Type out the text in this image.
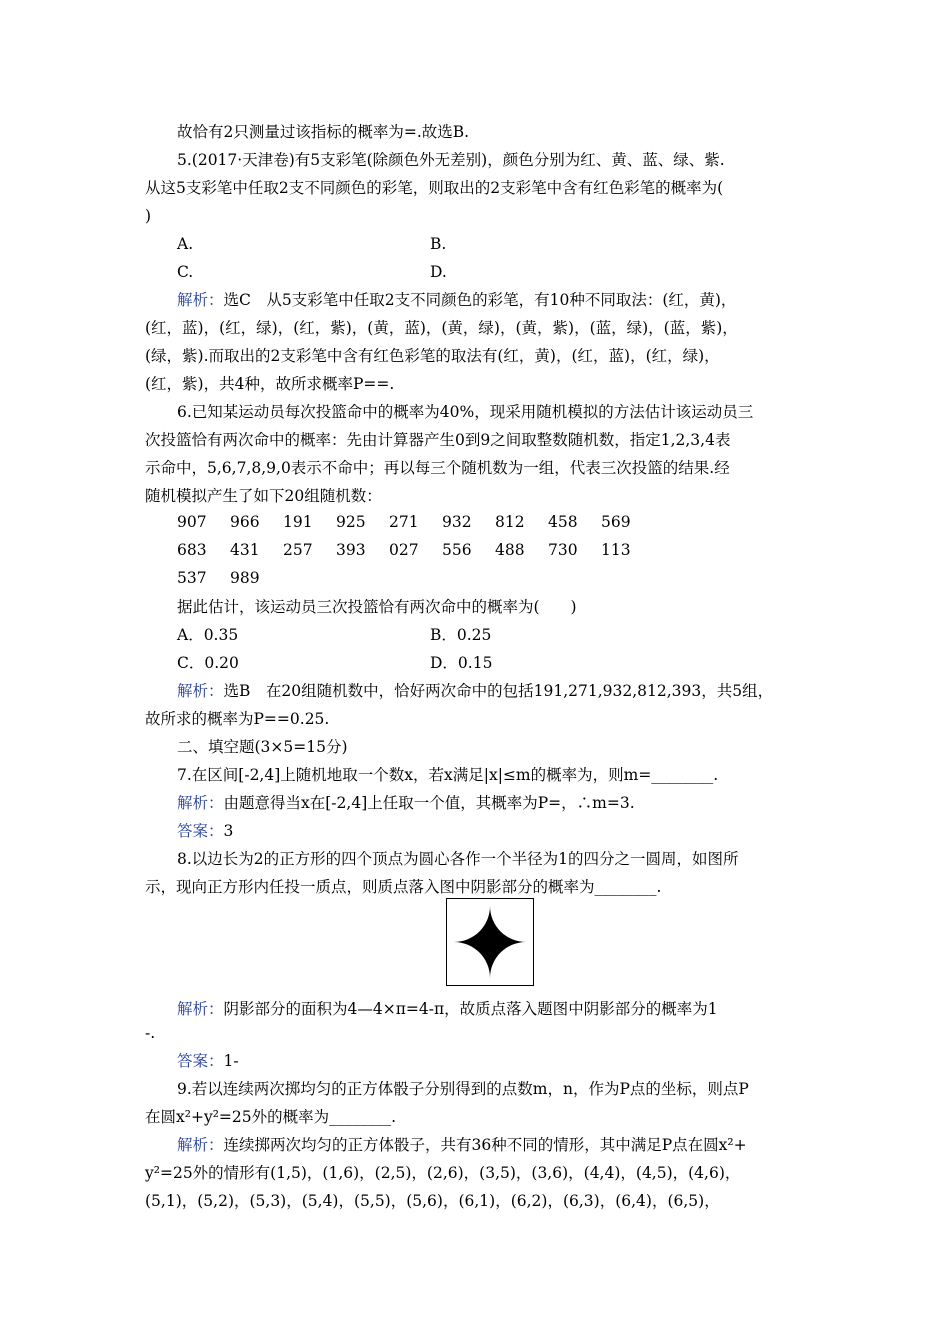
故恰有2只测量过该指标的概率为=.故选B.
5.(2017·天津卷)有5支彩笔(除颜色外无差别)，颜色分别为红、黄、蓝、绿、紫.
从这5支彩笔中任取2支不同颜色的彩笔，则取出的2支彩笔中含有红色彩笔的概率为(
)
A.	B.
C.	D.
解析：选C　从5支彩笔中任取2支不同颜色的彩笔，有10种不同取法：(红，黄)，
(红，蓝)，(红，绿)，(红，紫)，(黄，蓝)，(黄，绿)，(黄，紫)，(蓝，绿)，(蓝，紫)，
(绿，紫).而取出的2支彩笔中含有红色彩笔的取法有(红，黄)，(红，蓝)，(红，绿)，
(红，紫)，共4种，故所求概率P==.
6.已知某运动员每次投篮命中的概率为40%，现采用随机模拟的方法估计该运动员三
次投篮恰有两次命中的概率：先由计算器产生0到9之间取整数随机数，指定1,2,3,4表
示命中，5,6,7,8,9,0表示不命中；再以每三个随机数为一组，代表三次投篮的结果.经
随机模拟产生了如下20组随机数：
907 966 191 925 271 932 812 458 569
683 431 257 393 027 556 488 730 113
537 989
据此估计，该运动员三次投篮恰有两次命中的概率为(　　)
A．0.35	B．0.25
C．0.20	D．0.15
解析：选B　在20组随机数中，恰好两次命中的包括191,271,932,812,393，共5组，
故所求的概率为P==0.25.
二、填空题(3×5=15分)
7.在区间[-2,4]上随机地取一个数x，若x满足|x|≤m的概率为，则m=________.
解析：由题意得当x在[-2,4]上任取一个值，其概率为P=，∴m=3.
答案：3
8.以边长为2的正方形的四个顶点为圆心各作一个半径为1的四分之一圆周，如图所
示，现向正方形内任投一质点，则质点落入图中阴影部分的概率为________.
解析：阴影部分的面积为4—4×π=4-π，故质点落入题图中阴影部分的概率为1
-.
答案：1-
9.若以连续两次掷均匀的正方体骰子分别得到的点数m，n，作为P点的坐标，则点P
在圆x²+y²=25外的概率为________.
解析：连续掷两次均匀的正方体骰子，共有36种不同的情形，其中满足P点在圆x²+
y²=25外的情形有(1,5)，(1,6)，(2,5)，(2,6)，(3,5)，(3,6)，(4,4)，(4,5)，(4,6)，
(5,1)，(5,2)，(5,3)，(5,4)，(5,5)，(5,6)，(6,1)，(6,2)，(6,3)，(6,4)，(6,5)，
